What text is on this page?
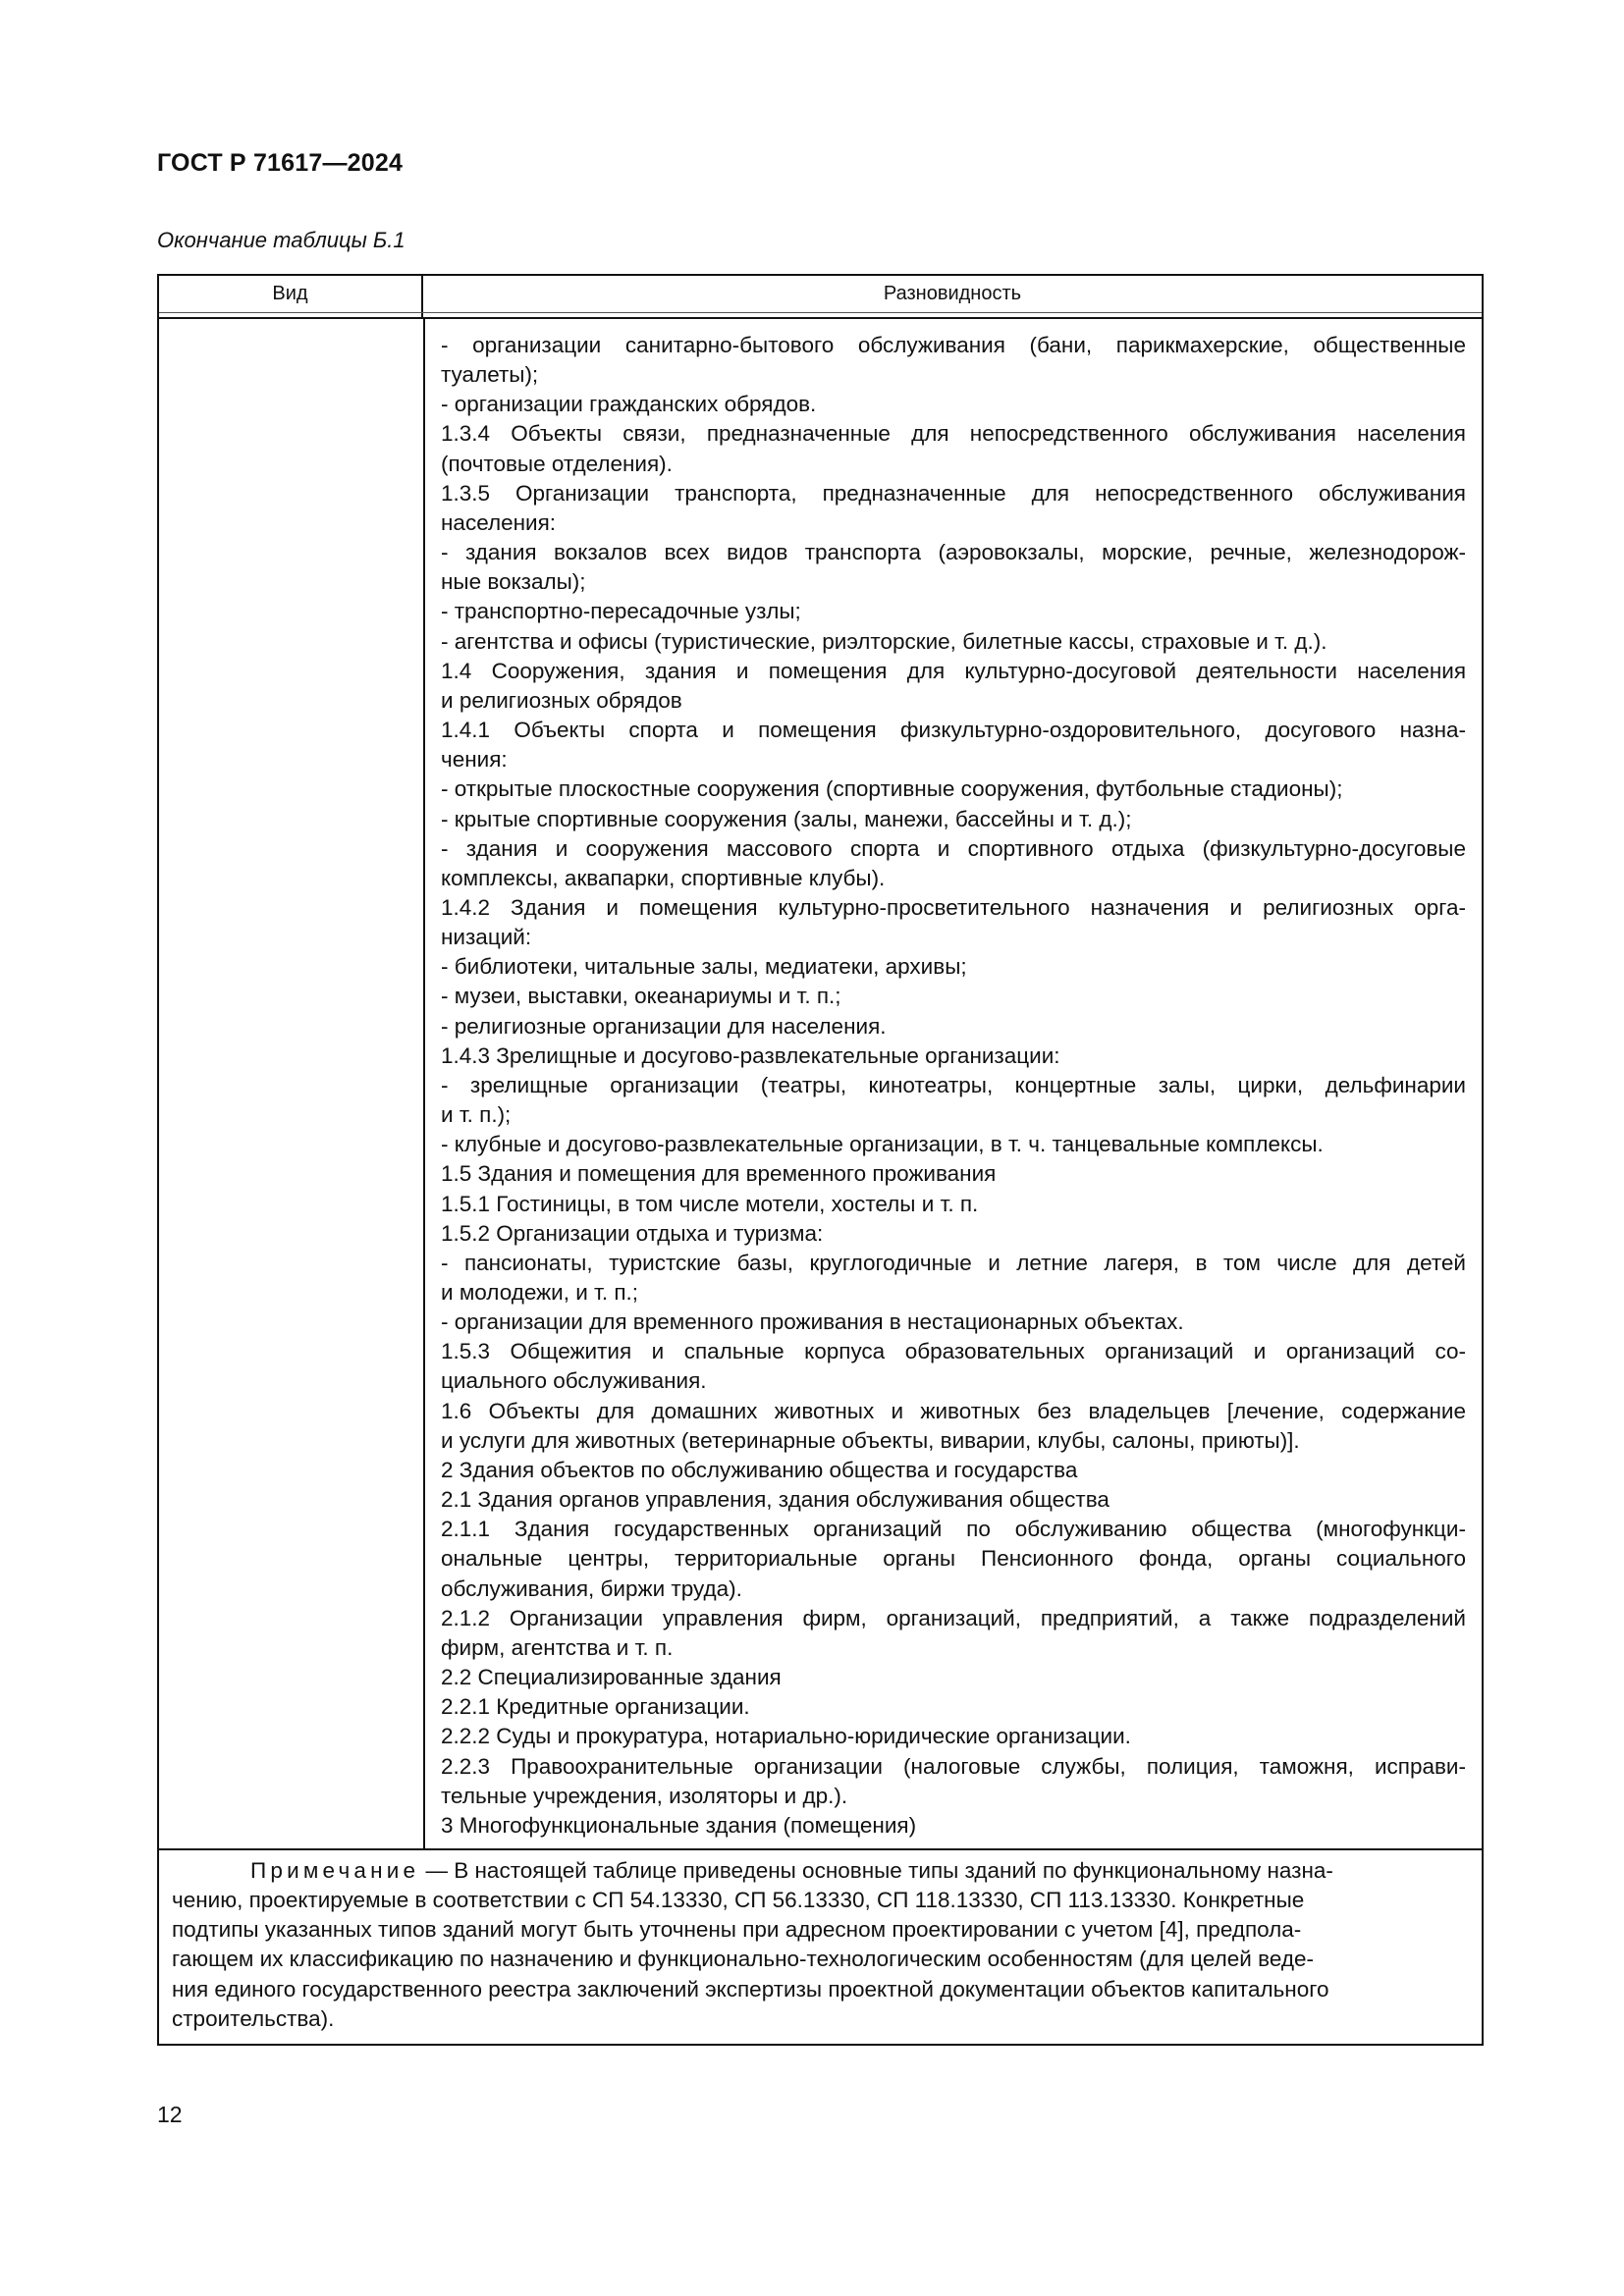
ГОСТ Р 71617—2024
Окончание таблицы Б.1
Вид	Разновидность
- организации санитарно-бытового обслуживания (бани, парикмахерские, общественные
туалеты);
- организации гражданских обрядов.
1.3.4 Объекты связи, предназначенные для непосредственного обслуживания населения
(почтовые отделения).
1.3.5 Организации транспорта, предназначенные для непосредственного обслуживания
населения:
- здания вокзалов всех видов транспорта (аэровокзалы, морские, речные, железнодорож-
ные вокзалы);
- транспортно-пересадочные узлы;
- агентства и офисы (туристические, риэлторские, билетные кассы, страховые и т. д.).
1.4 Сооружения, здания и помещения для культурно-досуговой деятельности населения
и религиозных обрядов
1.4.1 Объекты спорта и помещения физкультурно-оздоровительного, досугового назна-
чения:
- открытые плоскостные сооружения (спортивные сооружения, футбольные стадионы);
- крытые спортивные сооружения (залы, манежи, бассейны и т. д.);
- здания и сооружения массового спорта и спортивного отдыха (физкультурно-досуговые
комплексы, аквапарки, спортивные клубы).
1.4.2 Здания и помещения культурно-просветительного назначения и религиозных орга-
низаций:
- библиотеки, читальные залы, медиатеки, архивы;
- музеи, выставки, океанариумы и т. п.;
- религиозные организации для населения.
1.4.3 Зрелищные и досугово-развлекательные организации:
- зрелищные организации (театры, кинотеатры, концертные залы, цирки, дельфинарии
и т. п.);
- клубные и досугово-развлекательные организации, в т. ч. танцевальные комплексы.
1.5 Здания и помещения для временного проживания
1.5.1 Гостиницы, в том числе мотели, хостелы и т. п.
1.5.2 Организации отдыха и туризма:
- пансионаты, туристские базы, круглогодичные и летние лагеря, в том числе для детей
и молодежи, и т. п.;
- организации для временного проживания в нестационарных объектах.
1.5.3 Общежития и спальные корпуса образовательных организаций и организаций со-
циального обслуживания.
1.6 Объекты для домашних животных и животных без владельцев [лечение, содержание
и услуги для животных (ветеринарные объекты, виварии, клубы, салоны, приюты)].
2 Здания объектов по обслуживанию общества и государства
2.1 Здания органов управления, здания обслуживания общества
2.1.1 Здания государственных организаций по обслуживанию общества (многофункци-
ональные центры, территориальные органы Пенсионного фонда, органы социального
обслуживания, биржи труда).
2.1.2 Организации управления фирм, организаций, предприятий, а также подразделений
фирм, агентства и т. п.
2.2 Специализированные здания
2.2.1 Кредитные организации.
2.2.2 Суды и прокуратура, нотариально-юридические организации.
2.2.3 Правоохранительные организации (налоговые службы, полиция, таможня, исправи-
тельные учреждения, изоляторы и др.).
3 Многофункциональные здания (помещения)
Примечание — В настоящей таблице приведены основные типы зданий по функциональному назна-
чению, проектируемые в соответствии с СП 54.13330, СП 56.13330, СП 118.13330, СП 113.13330. Конкретные
подтипы указанных типов зданий могут быть уточнены при адресном проектировании с учетом [4], предпола-
гающем их классификацию по назначению и функционально-технологическим особенностям (для целей веде-
ния единого государственного реестра заключений экспертизы проектной документации объектов капитального
строительства).
12
